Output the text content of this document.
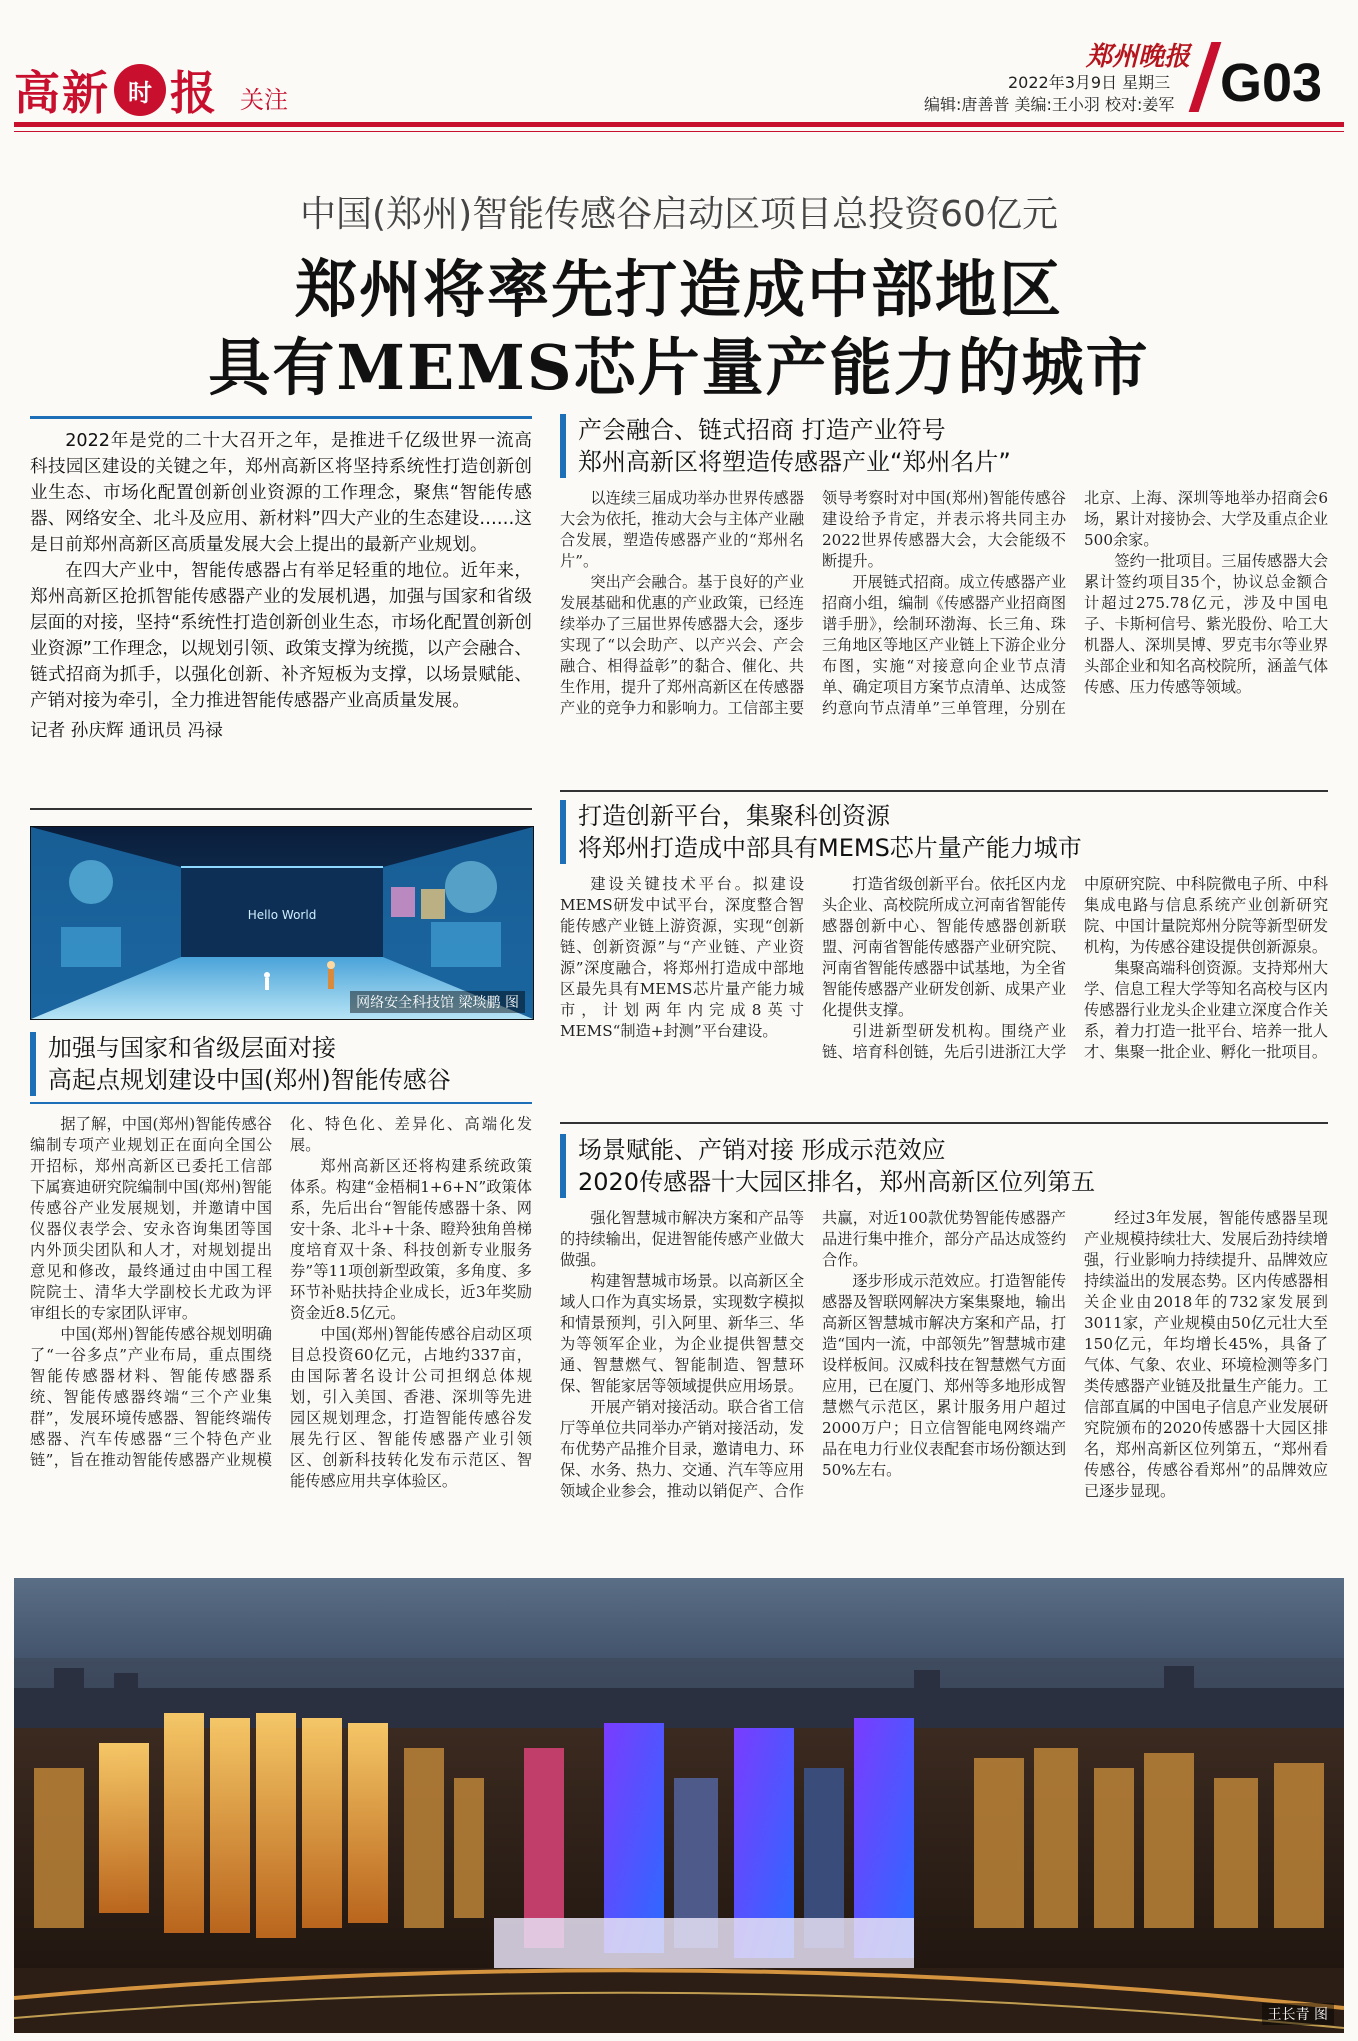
高新 时 报 关注
郑州晚报
2022年3月9日 星期三
编辑:唐善普 美编:王小羽 校对:姜军 G03
中国(郑州)智能传感谷启动区项目总投资60亿元
郑州将率先打造成中部地区
具有MEMS芯片量产能力的城市

2022年是党的二十大召开之年，是推进千亿级世界一流高科技园区建设的关键之年，郑州高新区将坚持系统性打造创新创业生态、市场化配置创新创业资源的工作理念，聚焦“智能传感器、网络安全、北斗及应用、新材料”四大产业的生态建设……这是日前郑州高新区高质量发展大会上提出的最新产业规划。

在四大产业中，智能传感器占有举足轻重的地位。近年来，郑州高新区抢抓智能传感器产业的发展机遇，加强与国家和省级层面的对接，坚持“系统性打造创新创业生态，市场化配置创新创业资源”工作理念，以规划引领、政策支撑为统揽，以产会融合、链式招商为抓手，以强化创新、补齐短板为支撑，以场景赋能、产销对接为牵引，全力推进智能传感器产业高质量发展。

记者 孙庆辉 通讯员 冯禄
Hello World
网络安全科技馆 梁琰鹏 图
加强与国家和省级层面对接
高起点规划建设中国(郑州)智能传感谷

据了解，中国(郑州)智能传感谷编制专项产业规划正在面向全国公开招标，郑州高新区已委托工信部下属赛迪研究院编制中国(郑州)智能传感谷产业发展规划，并邀请中国仪器仪表学会、安永咨询集团等国内外顶尖团队和人才，对规划提出意见和修改，最终通过由中国工程院院士、清华大学副校长尤政为评审组长的专家团队评审。

中国(郑州)智能传感谷规划明确了“一谷多点”产业布局，重点围绕智能传感器材料、智能传感器系统、智能传感器终端“三个产业集群”，发展环境传感器、智能终端传感器、汽车传感器“三个特色产业链”，旨在推动智能传感器产业规模化、特色化、差异化、高端化发展。

郑州高新区还将构建系统政策体系。构建“金梧桐1+6+N”政策体系，先后出台“智能传感器十条、网安十条、北斗+十条、瞪羚独角兽梯度培育双十条、科技创新专业服务券”等11项创新型政策，多角度、多环节补贴扶持企业成长，近3年奖励资金近8.5亿元。

中国(郑州)智能传感谷启动区项目总投资60亿元，占地约337亩，由国际著名设计公司担纲总体规划，引入美国、香港、深圳等先进园区规划理念，打造智能传感谷发展先行区、智能传感器产业引领区、创新科技转化发布示范区、智能传感应用共享体验区。

产会融合、链式招商 打造产业符号
郑州高新区将塑造传感器产业“郑州名片”

以连续三届成功举办世界传感器大会为依托，推动大会与主体产业融合发展，塑造传感器产业的“郑州名片”。

突出产会融合。基于良好的产业发展基础和优惠的产业政策，已经连续举办了三届世界传感器大会，逐步实现了“以会助产、以产兴会、产会融合、相得益彰”的黏合、催化、共生作用，提升了郑州高新区在传感器产业的竞争力和影响力。工信部主要领导考察时对中国(郑州)智能传感谷建设给予肯定，并表示将共同主办2022世界传感器大会，大会能级不断提升。

开展链式招商。成立传感器产业招商小组，编制《传感器产业招商图谱手册》，绘制环渤海、长三角、珠三角地区等地区产业链上下游企业分布图，实施“对接意向企业节点清单、确定项目方案节点清单、达成签约意向节点清单”三单管理，分别在北京、上海、深圳等地举办招商会6场，累计对接协会、大学及重点企业500余家。

签约一批项目。三届传感器大会累计签约项目35个，协议总金额合计超过275.78亿元，涉及中国电子、卡斯柯信号、紫光股份、哈工大机器人、深圳昊博、罗克韦尔等业界头部企业和知名高校院所，涵盖气体传感、压力传感等领域。

打造创新平台，集聚科创资源
将郑州打造成中部具有MEMS芯片量产能力城市

建设关键技术平台。拟建设MEMS研发中试平台，深度整合智能传感产业链上游资源，实现“创新链、创新资源”与“产业链、产业资源”深度融合，将郑州打造成中部地区最先具有MEMS芯片量产能力城市，计划两年内完成8英寸MEMS“制造+封测”平台建设。

打造省级创新平台。依托区内龙头企业、高校院所成立河南省智能传感器创新中心、智能传感器创新联盟、河南省智能传感器产业研究院、河南省智能传感器中试基地，为全省智能传感器产业研发创新、成果产业化提供支撑。

引进新型研发机构。围绕产业链、培育科创链，先后引进浙江大学中原研究院、中科院微电子所、中科集成电路与信息系统产业创新研究院、中国计量院郑州分院等新型研发机构，为传感谷建设提供创新源泉。

集聚高端科创资源。支持郑州大学、信息工程大学等知名高校与区内传感器行业龙头企业建立深度合作关系，着力打造一批平台、培养一批人才、集聚一批企业、孵化一批项目。

场景赋能、产销对接 形成示范效应
2020传感器十大园区排名，郑州高新区位列第五

强化智慧城市解决方案和产品等的持续输出，促进智能传感产业做大做强。

构建智慧城市场景。以高新区全域人口作为真实场景，实现数字模拟和情景预判，引入阿里、新华三、华为等领军企业，为企业提供智慧交通、智慧燃气、智能制造、智慧环保、智能家居等领域提供应用场景。

开展产销对接活动。联合省工信厅等单位共同举办产销对接活动，发布优势产品推介目录，邀请电力、环保、水务、热力、交通、汽车等应用领域企业参会，推动以销促产、合作共赢，对近100款优势智能传感器产品进行集中推介，部分产品达成签约合作。

逐步形成示范效应。打造智能传感器及智联网解决方案集聚地，输出高新区智慧城市解决方案和产品，打造“国内一流，中部领先”智慧城市建设样板间。汉威科技在智慧燃气方面应用，已在厦门、郑州等多地形成智慧燃气示范区，累计服务用户超过2000万户；日立信智能电网终端产品在电力行业仪表配套市场份额达到50%左右。

经过3年发展，智能传感器呈现产业规模持续壮大、发展后劲持续增强，行业影响力持续提升、品牌效应持续溢出的发展态势。区内传感器相关企业由2018年的732家发展到3011家，产业规模由50亿元壮大至150亿元，年均增长45%，具备了气体、气象、农业、环境检测等多门类传感器产业链及批量生产能力。工信部直属的中国电子信息产业发展研究院颁布的2020传感器十大园区排名，郑州高新区位列第五，“郑州看传感谷，传感谷看郑州”的品牌效应已逐步显现。

王长青 图
